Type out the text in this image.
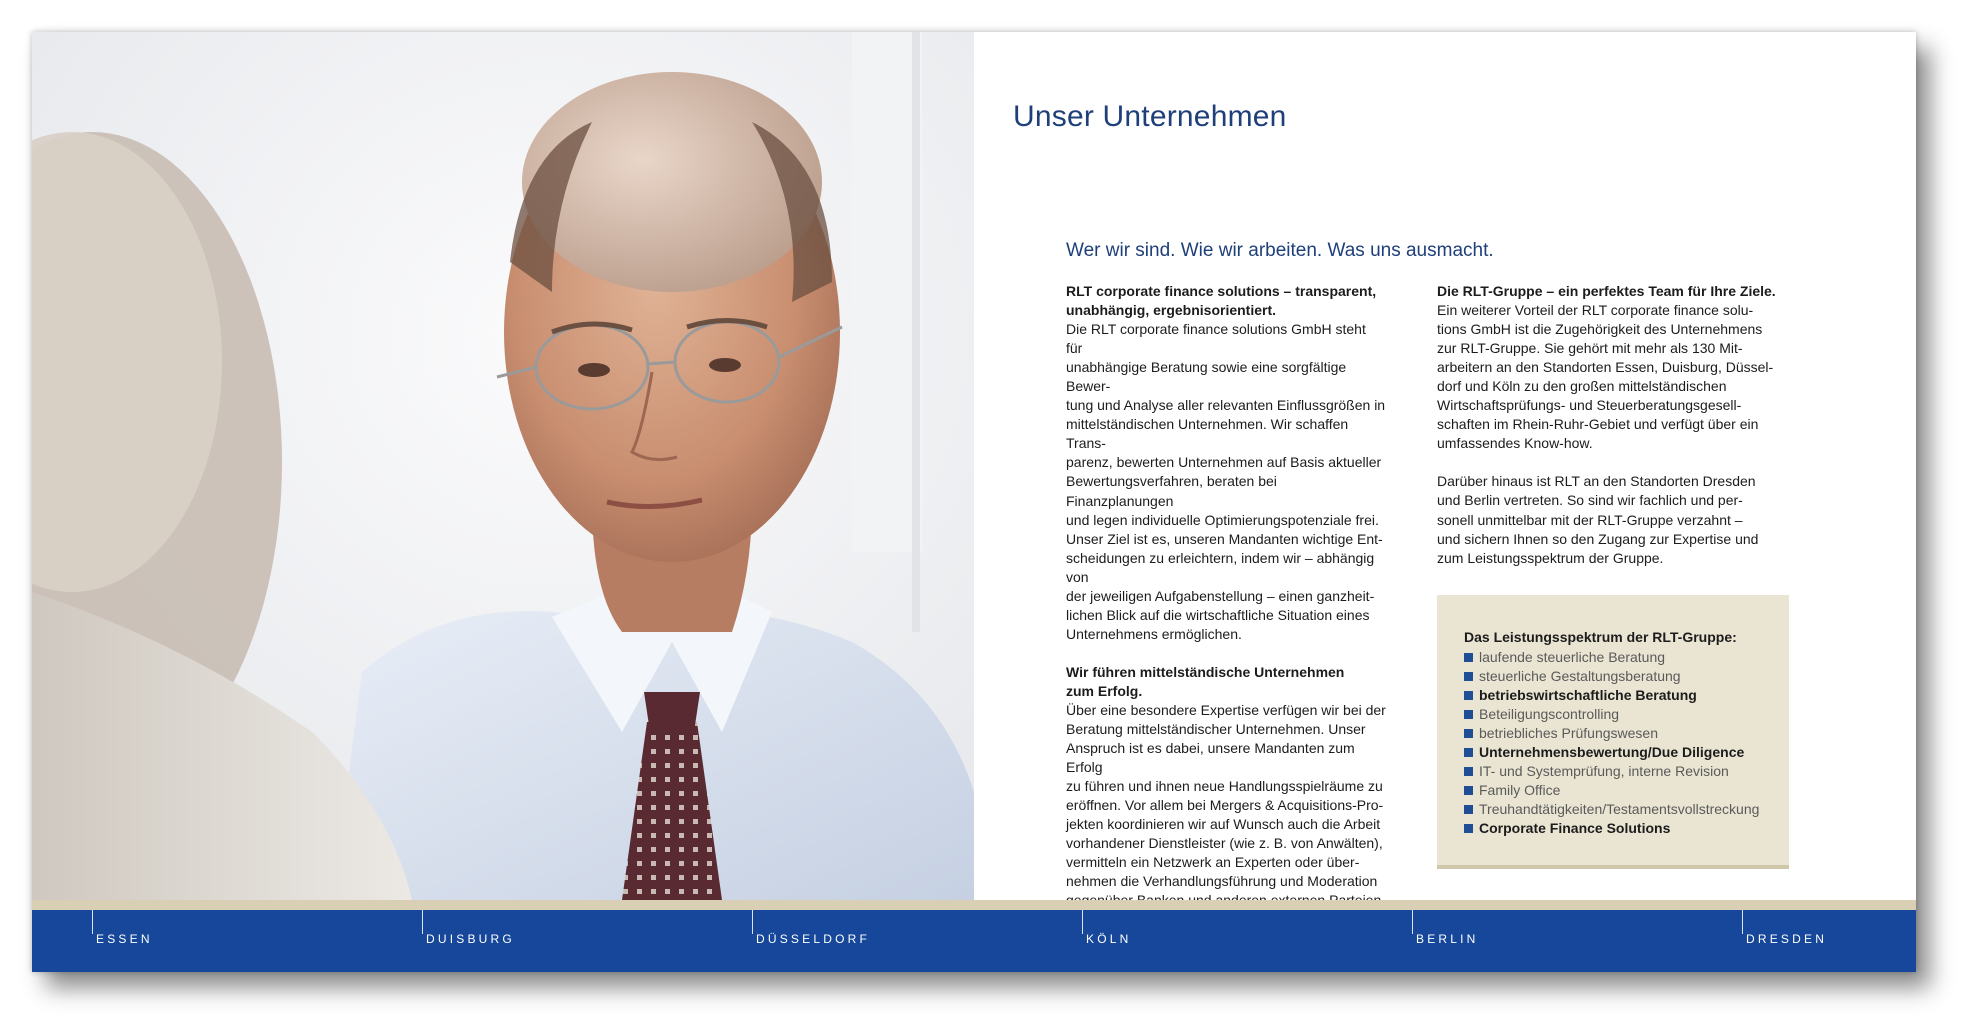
Unser Unternehmen
Wer wir sind. Wie wir arbeiten. Was uns ausmacht.

RLT corporate finance solutions – transparent,

unabhängig, ergebnisorientiert.

Die RLT corporate finance solutions GmbH steht für

unabhängige Beratung sowie eine sorgfältige Bewer-

tung und Analyse aller relevanten Einflussgrößen in

mittelständischen Unternehmen. Wir schaffen Trans-

parenz, bewerten Unternehmen auf Basis aktueller

Bewertungsverfahren, beraten bei Finanzplanungen

und legen individuelle Optimierungspotenziale frei.

Unser Ziel ist es, unseren Mandanten wichtige Ent-

scheidungen zu erleichtern, indem wir – abhängig von

der jeweiligen Aufgabenstellung – einen ganzheit-

lichen Blick auf die wirtschaftliche Situation eines

Unternehmens ermöglichen.

Wir führen mittelständische Unternehmen

zum Erfolg.

Über eine besondere Expertise verfügen wir bei der

Beratung mittelständischer Unternehmen. Unser

Anspruch ist es dabei, unsere Mandanten zum Erfolg

zu führen und ihnen neue Handlungsspielräume zu

eröffnen. Vor allem bei Mergers & Acquisitions-Pro-

jekten koordinieren wir auf Wunsch auch die Arbeit

vorhandener Dienstleister (wie z. B. von Anwälten),

vermitteln ein Netzwerk an Experten oder über-

nehmen die Verhandlungsführung und Moderation

Die RLT-Gruppe – ein perfektes Team für Ihre Ziele.

Ein weiterer Vorteil der RLT corporate finance solu-

tions GmbH ist die Zugehörigkeit des Unternehmens

zur RLT-Gruppe. Sie gehört mit mehr als 130 Mit-

arbeitern an den Standorten Essen, Duisburg, Düssel-

dorf und Köln zu den großen mittelständischen

Wirtschaftsprüfungs- und Steuerberatungsgesell-

schaften im Rhein-Ruhr-Gebiet und verfügt über ein

umfassendes Know-how.

Darüber hinaus ist RLT an den Standorten Dresden

und Berlin vertreten. So sind wir fachlich und per-

sonell unmittelbar mit der RLT-Gruppe verzahnt –

und sichern Ihnen so den Zugang zur Expertise und

zum Leistungsspektrum der Gruppe.

Das Leistungsspektrum der RLT-Gruppe:
laufende steuerliche Beratung
steuerliche Gestaltungsberatung
betriebswirtschaftliche Beratung
Beteiligungscontrolling
betriebliches Prüfungswesen
Unternehmensbewertung/Due Diligence
IT- und Systemprüfung, interne Revision
Family Office
Treuhandtätigkeiten/Testamentsvollstreckung
Corporate Finance Solutions
ESSEN	DUISBURG	DÜSSELDORF	KÖLN	BERLIN	DRESDEN
